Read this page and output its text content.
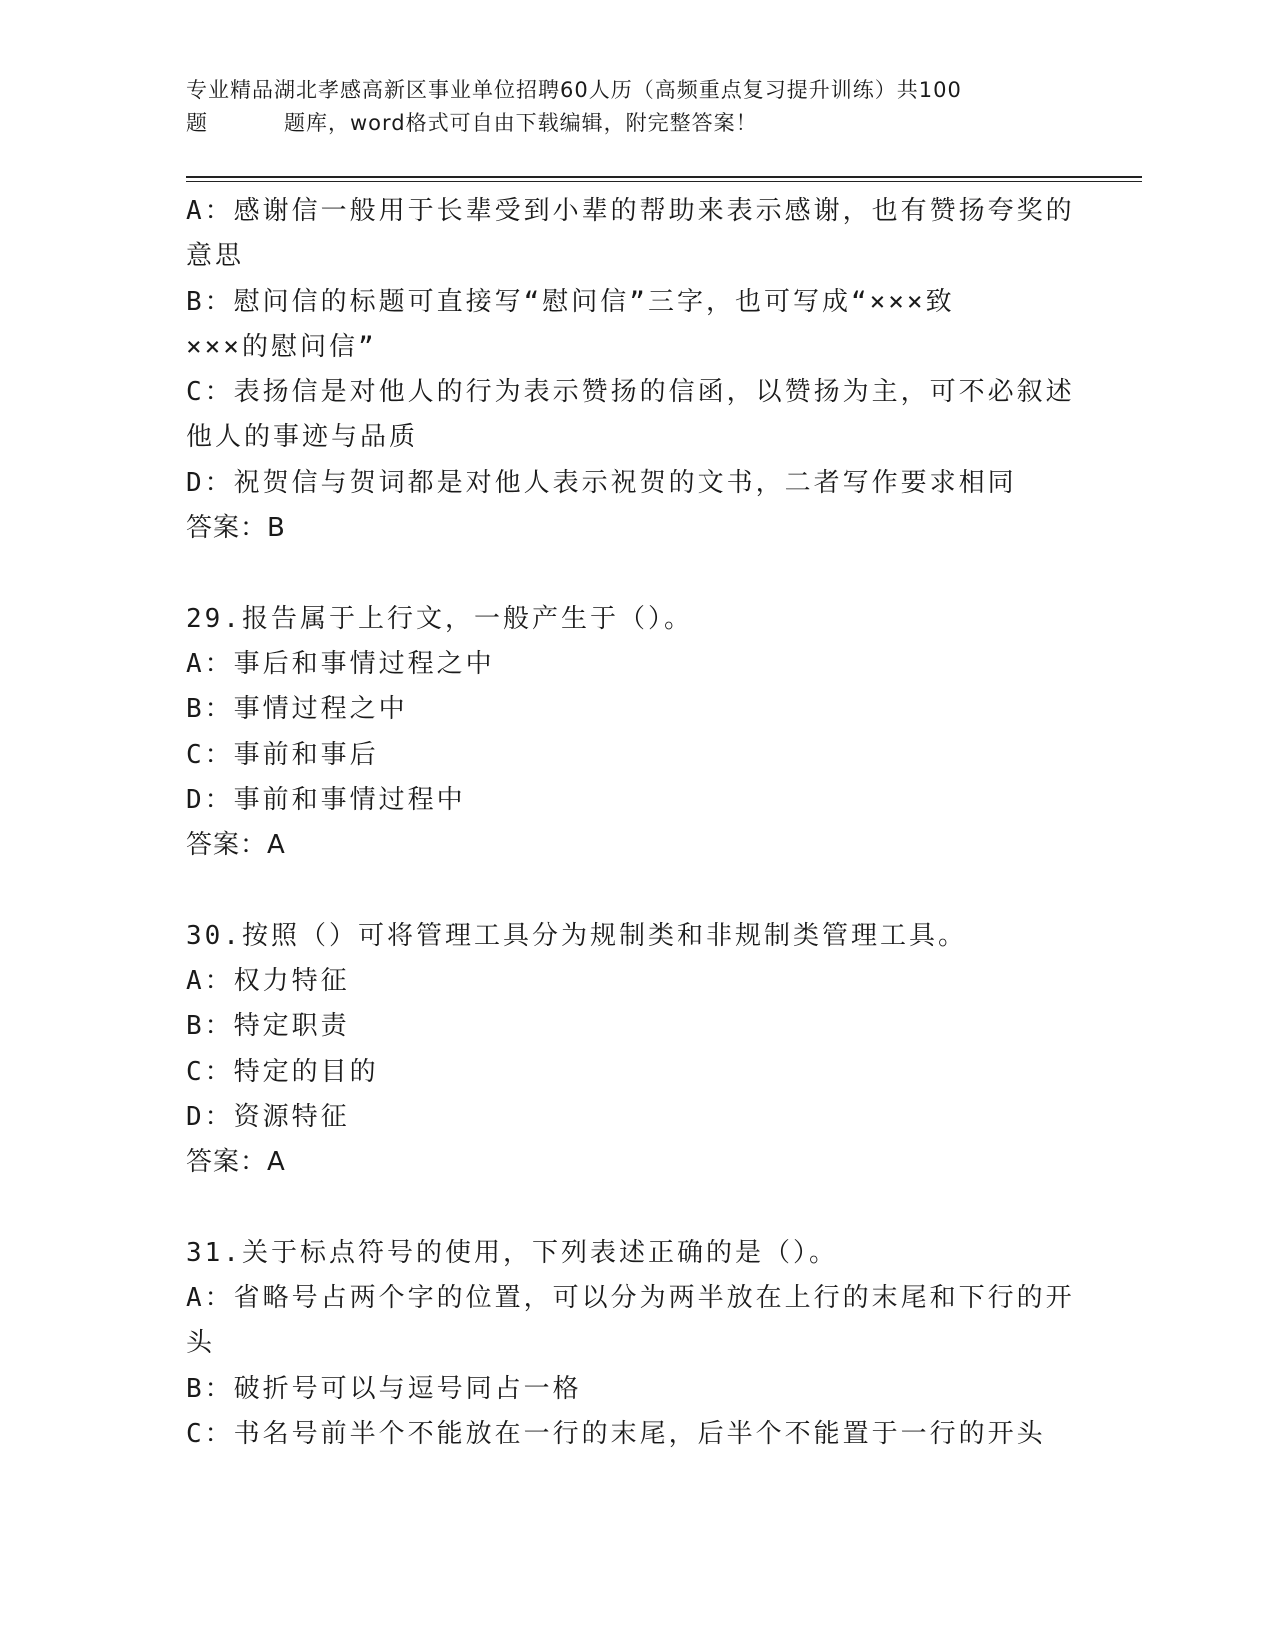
专业精品湖北孝感高新区事业单位招聘60人历（高频重点复习提升训练）共100
题	题库，word格式可自由下载编辑，附完整答案！
A：感谢信一般用于长辈受到小辈的帮助来表示感谢，也有赞扬夸奖的
意思
B：慰问信的标题可直接写“慰问信”三字，也可写成“×××致
×××的慰问信”
C：表扬信是对他人的行为表示赞扬的信函，以赞扬为主，可不必叙述
他人的事迹与品质
D：祝贺信与贺词都是对他人表示祝贺的文书，二者写作要求相同
答案：B
29.报告属于上行文，一般产生于（）。
A：事后和事情过程之中
B：事情过程之中
C：事前和事后
D：事前和事情过程中
答案：A
30.按照（）可将管理工具分为规制类和非规制类管理工具。
A：权力特征
B：特定职责
C：特定的目的
D：资源特征
答案：A
31.关于标点符号的使用，下列表述正确的是（）。
A：省略号占两个字的位置，可以分为两半放在上行的末尾和下行的开
头
B：破折号可以与逗号同占一格
C：书名号前半个不能放在一行的末尾，后半个不能置于一行的开头
